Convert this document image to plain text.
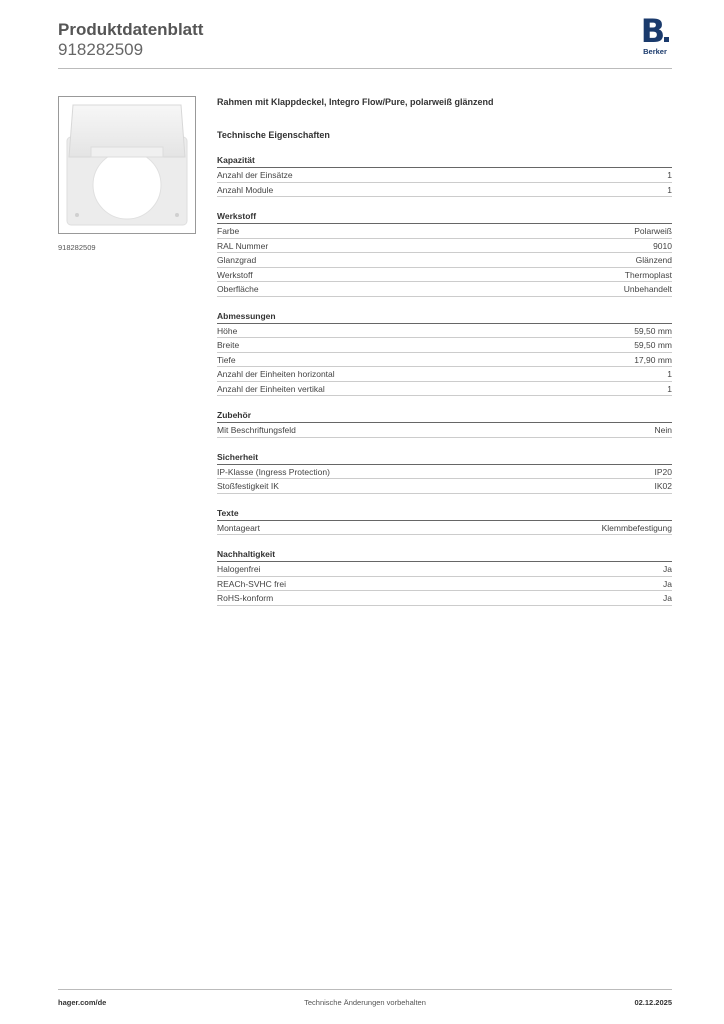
Produktdatenblatt
918282509	B
Berker
918282509
Rahmen mit Klappdeckel, Integro Flow/Pure, polarweiß glänzend
Technische Eigenschaften
Kapazität
Anzahl der Einsätze	1
Anzahl Module	1
Werkstoff
Farbe	Polarweiß
RAL Nummer	9010
Glanzgrad	Glänzend
Werkstoff	Thermoplast
Oberfläche	Unbehandelt
Abmessungen
Höhe	59,50 mm
Breite	59,50 mm
Tiefe	17,90 mm
Anzahl der Einheiten horizontal	1
Anzahl der Einheiten vertikal	1
Zubehör
Mit Beschriftungsfeld	Nein
Sicherheit
IP-Klasse (Ingress Protection)	IP20
Stoßfestigkeit IK	IK02
Texte
Montageart	Klemmbefestigung
Nachhaltigkeit
Halogenfrei	Ja
REACh-SVHC frei	Ja
RoHS-konform	Ja
hager.com/de	Technische Änderungen vorbehalten	02.12.2025
